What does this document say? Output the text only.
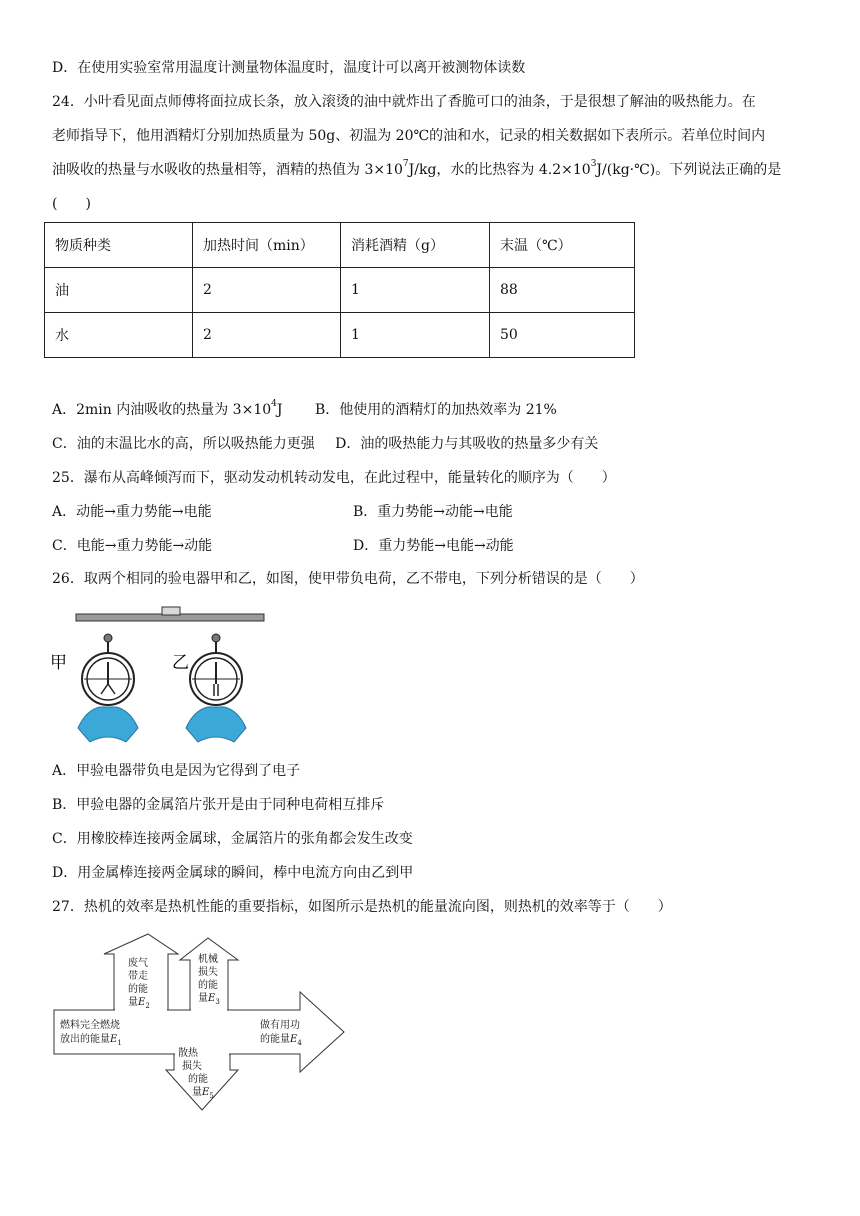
D．在使用实验室常用温度计测量物体温度时，温度计可以离开被测物体读数
24．小叶看见面点师傅将面拉成长条，放入滚烫的油中就炸出了香脆可口的油条，于是很想了解油的吸热能力。在
老师指导下，他用酒精灯分别加热质量为 50g、初温为 20℃的油和水，记录的相关数据如下表所示。若单位时间内
油吸收的热量与水吸收的热量相等，酒精的热值为 $3\times 10^7J/kg$，水的比热容为 $4.2\times 10^3J/(kg\cdot℃)$。下列说法正确的是
(　　)
物质种类	加热时间（min）	消耗酒精（g）	末温（℃）
油	2	1	88
水	2	1	50
A．2min 内油吸收的热量为 $3\times 10^4J$ B．他使用的酒精灯的加热效率为 21%
C．油的末温比水的高，所以吸热能力更强 D．油的吸热能力与其吸收的热量多少有关
25．瀑布从高峰倾泻而下，驱动发动机转动发电，在此过程中，能量转化的顺序为（　　）
A．动能→重力势能→电能	B．重力势能→动能→电能
C．电能→重力势能→动能	D．重力势能→电能→动能
26．取两个相同的验电器甲和乙，如图，使甲带负电荷，乙不带电，下列分析错误的是（　　）
甲	乙
A．甲验电器带负电是因为它得到了电子
B．甲验电器的金属箔片张开是由于同种电荷相互排斥
C．用橡胶棒连接两金属球，金属箔片的张角都会发生改变
D．用金属棒连接两金属球的瞬间，棒中电流方向由乙到甲
27．热机的效率是热机性能的重要指标，如图所示是热机的能量流向图，则热机的效率等于（　　）
燃料完全燃烧
放出的能量$E_1$
废气
带走
的能
量$E_2$
机械
损失
的能
量$E_3$
做有用功
的能量$E_4$
散热
损失
的能
量$E_5$
